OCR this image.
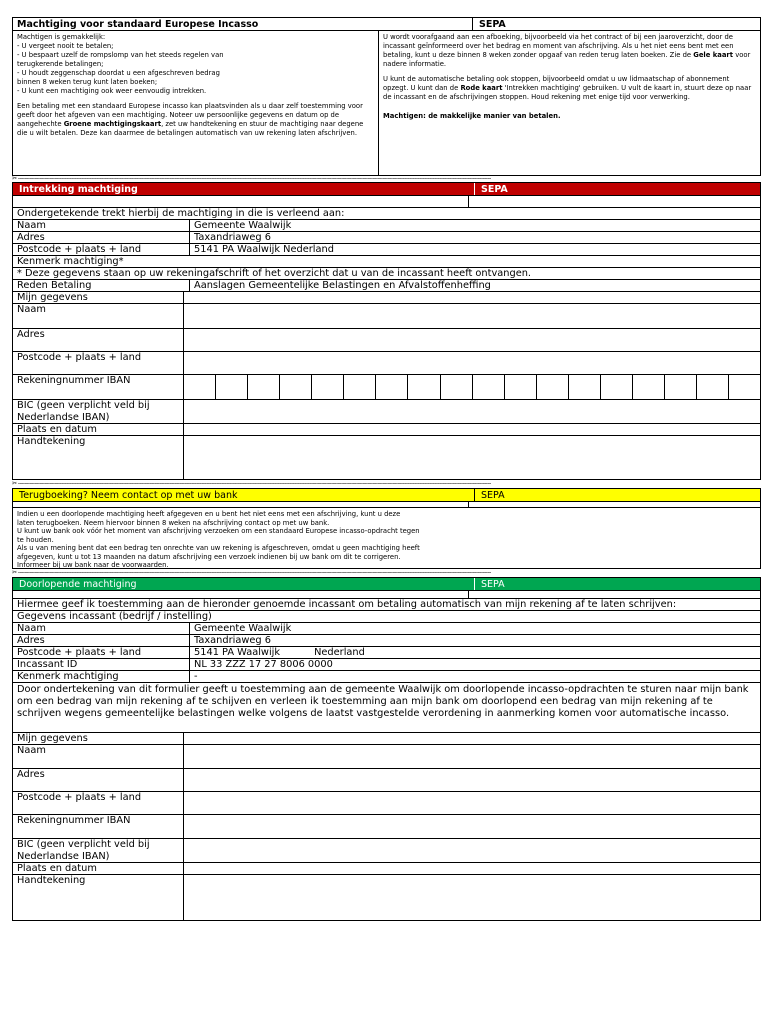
Machtiging voor standaard Europese Incasso	SEPA

Machtigen is gemakkelijk:
- U vergeet nooit te betalen;
- U bespaart uzelf de rompslomp van het steeds regelen van
terugkerende betalingen;
- U houdt zeggenschap doordat u een afgeschreven bedrag
binnen 8 weken terug kunt laten boeken;
- U kunt een machtiging ook weer eenvoudig intrekken.

Een betaling met een standaard Europese incasso kan plaatsvinden als u daar zelf toestemming voor geeft door het afgeven van een machtiging. Noteer uw persoonlijke gegevens en datum op de aangehechte Groene machtigingskaart, zet uw handtekening en stuur de machtiging naar degene die u wilt betalen. Deze kan daarmee de betalingen automatisch van uw rekening laten afschrijven.

U wordt voorafgaand aan een afboeking, bijvoorbeeld via het contract of bij een jaaroverzicht, door de incassant geïnformeerd over het bedrag en moment van afschrijving. Als u het niet eens bent met een betaling, kunt u deze binnen 8 weken zonder opgaaf van reden terug laten boeken. Zie de Gele kaart voor nadere informatie.

U kunt de automatische betaling ook stoppen, bijvoorbeeld omdat u uw lidmaatschap of abonnement opzegt. U kunt dan de Rode kaart 'Intrekken machtiging' gebruiken. U vult de kaart in, stuurt deze op naar de incassant en de afschrijvingen stoppen. Houd rekening met enige tijd voor verwerking.

Machtigen: de makkelijke manier van betalen.

✂ --------------------------------------------------------------------------------------------------------------------------------------------------------------------------------------------------------------------------------------------------------------------------------------------
Intrekking machtiging	SEPA
Ondergetekende trekt hierbij de machtiging in die is verleend aan:
Naam	Gemeente Waalwijk
Adres	Taxandriaweg 6
Postcode + plaats + land	5141 PA Waalwijk Nederland
Kenmerk machtiging*
* Deze gegevens staan op uw rekeningafschrift of het overzicht dat u van de incassant heeft ontvangen.
Reden Betaling	Aanslagen Gemeentelijke Belastingen en Afvalstoffenheffing
Mijn gegevens
Naam
Adres
Postcode + plaats + land
Rekeningnummer IBAN
BIC (geen verplicht veld bij Nederlandse IBAN)
Plaats en datum
Handtekening
✂ --------------------------------------------------------------------------------------------------------------------------------------------------------------------------------------------------------------------------------------------------------------------------------------------
Terugboeking? Neem contact op met uw bank	SEPA
Indien u een doorlopende machtiging heeft afgegeven en u bent het niet eens met een afschrijving, kunt u deze
laten terugboeken. Neem hiervoor binnen 8 weken na afschrijving contact op met uw bank.
U kunt uw bank ook vóór het moment van afschrijving verzoeken om een standaard Europese incasso-opdracht tegen
te houden.
Als u van mening bent dat een bedrag ten onrechte van uw rekening is afgeschreven, omdat u geen machtiging heeft
afgegeven, kunt u tot 13 maanden na datum afschrijving een verzoek indienen bij uw bank om dit te corrigeren.
Informeer bij uw bank naar de voorwaarden.
✂ --------------------------------------------------------------------------------------------------------------------------------------------------------------------------------------------------------------------------------------------------------------------------------------------
Doorlopende machtiging	SEPA
Hiermee geef ik toestemming aan de hieronder genoemde incassant om betaling automatisch van mijn rekening af te laten schrijven:
Gegevens incassant (bedrijf / instelling)
Naam	Gemeente Waalwijk
Adres	Taxandriaweg 6
Postcode + plaats + land	5141 PA Waalwijk	Nederland
Incassant ID	NL 33 ZZZ 17 27 8006 0000
Kenmerk machtiging	-
Door ondertekening van dit formulier geeft u toestemming aan de gemeente Waalwijk om doorlopende incasso-opdrachten te sturen naar mijn bank om een bedrag van mijn rekening af te schijven en verleen ik toestemming aan mijn bank om doorlopend een bedrag van mijn rekening af te schrijven wegens gemeentelijke belastingen welke volgens de laatst vastgestelde verordening in aanmerking komen voor automatische incasso.
Mijn gegevens
Naam
Adres
Postcode + plaats + land
Rekeningnummer IBAN
BIC (geen verplicht veld bij Nederlandse IBAN)
Plaats en datum
Handtekening
